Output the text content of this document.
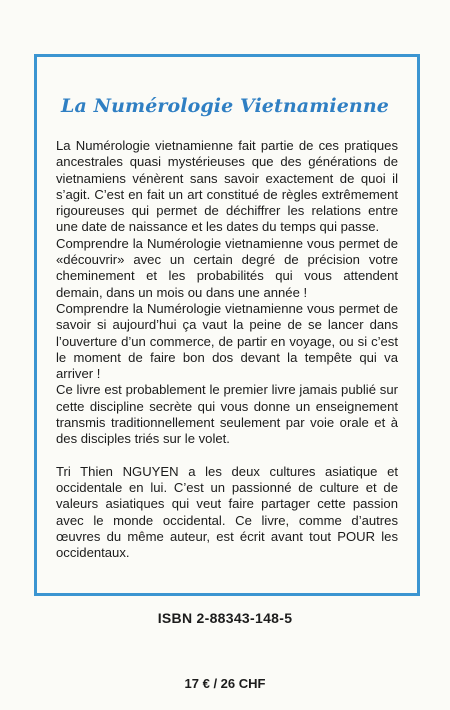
La Numérologie Vietnamienne

La Numérologie vietnamienne fait partie de ces pratiques ancestrales quasi mystérieuses que des générations de vietnamiens vénèrent sans savoir exactement de quoi il s’agit. C’est en fait un art constitué de règles extrêmement rigoureuses qui permet de déchiffrer les relations entre une date de naissance et les dates du temps qui passe.

Comprendre la Numérologie vietnamienne vous permet de «découvrir» avec un certain degré de précision votre cheminement et les probabilités qui vous attendent demain, dans un mois ou dans une année !

Comprendre la Numérologie vietnamienne vous permet de savoir si aujourd’hui ça vaut la peine de se lancer dans l’ouverture d’un commerce, de partir en voyage, ou si c’est le moment de faire bon dos devant la tempête qui va arriver !

Ce livre est probablement le premier livre jamais publié sur cette discipline secrète qui vous donne un enseignement transmis traditionnellement seulement par voie orale et à des disciples triés sur le volet.

Tri Thien NGUYEN a les deux cultures asiatique et occidentale en lui. C’est un passionné de culture et de valeurs asiatiques qui veut faire partager cette passion avec le monde occidental. Ce livre, comme d’autres œuvres du même auteur, est écrit avant tout POUR les occidentaux.

ISBN 2-88343-148-5
17 € / 26 CHF
